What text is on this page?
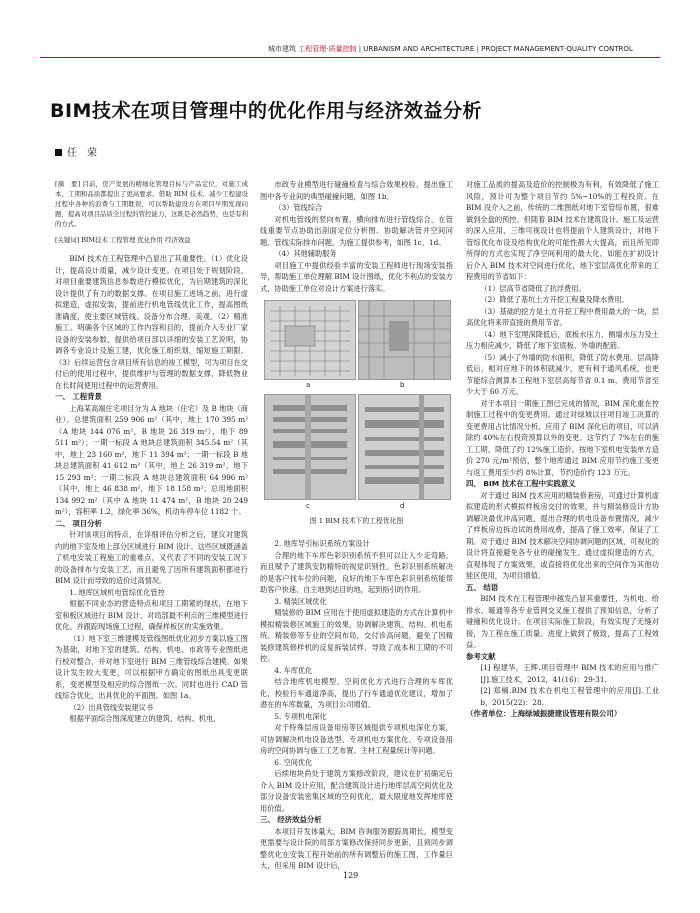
城市建筑 工程管理·质量控制 | URBANISM AND ARCHITECTURE | PROJECT MANAGEMENT·QUALITY CONTROL
BIM技术在项目管理中的优化作用与经济效益分析
任　荣

[摘　要] 目前，房产发展的精细化管理目标与产品定位，对施工成本、工期和品质都提出了更高要求。借助 BIM 技术，减少工程建设过程中各种的浪费与工期耽误，可以帮助建设方在项目早期发现问题，提高对项目品质全过程的管控能力，这既是必然趋势，也是有利的方式。

[关键词] BIM技术 工程管理 优化作用 经济效益

BIM 技术在工程管理中凸显出了其重要性。（1）优化设计，提高设计质量，减少设计变更。在项目处于规划阶段，对项目重要建筑信息参数进行模拟优化，为后期建筑的深化设计提供了有力的数据支撑。在项目施工进场之前，进行虚拟建造，虚拟安装，提前进行机电管线优化工作，提高图纸准确度，使主要区域管线、设备分布合理、美观。（2）精准施工。明确各个区域的工作内容和目的，提前介入专业厂家设备的安装参数，提供给项目部以详细的安装工艺说明，协调各专业设计及施工建，优化施工组织划，缩短施工期限。（3）后续运营包含项目所有信息的竣工模型，可为项目在交付后的使用过程中，提供维护与管理的数据支撑，降低物业在长时间使用过程中的运营费用。

一、 工程背景

上海某高端住宅项目分为 A 地块（住宅）及 B 地块（商业）。总建筑面积 259 906 m²（其中，地上 170 395 m²（A 地块 144 076 m²，B 地块 26 319 m²），地下 89 511 m²）；一期一标段 A 地块总建筑面积 345.54 m²（其中，地上 23 160 m²，地下 11 394 m²；一期一标段 B 地块总建筑面积 41 612 m²（其中，地上 26 319 m²，地下 15 293 m²；一期二标段 A 地块总建筑面积 64 996 m²（其中，地上 46 838 m²，地下 18 158 m²；总用地面积 134 992 m²（其中 A 地块 11 474 m²，B 地块 20 249 m²），容积率 1.2，绿化率 36%，机动车停车位 1182 个。

二、 项目分析

针对该项目的特点，在详细评估分析之后，建议对建筑内的地下室及地上部分区域进行 BIM 设计。这些区域既涵盖了机电安装工程施工的重难点，又代表了不同的安装工况下的设备排布与安装工艺，而且避免了因所有建筑面积都进行 BIM 设计而导致的造价过高情况。

1. 地库区域机电管综优化管控

根据不同业态的营造特点和项目工期紧的现状，在地下室和板区域进行 BIM 设计，对局部最不利点的三维模型进行优化。并跟踪现场施工过程，确保样板区的实施效果。

（1）地下室三维建模及管线图纸优化初步方案以施工图为基础，对地下室的建筑、结构、机电、市政等专业图纸进行校对整合，并对地下室进行 BIM 三维管线综合建模。如果设计发生较大变更，可以根据甲方确定的图纸出具变更联系，变更模型及相应的综合图纸一次。同时也进行 CAD 管线综合优化，出具优化的平面图。如图 1a。

（2）出具管线安装建议书

根据平面综合图深度建立的建筑、结构、机电、

市政专业模型进行碰撞检查与综合效果校验，提出施工图中各专业间的典型碰撞问题，如图 1b。

（3）管线综合

对机电管线的竖向布置、横向排布进行管线综合，在管线重要节点协助出剖面定位分析图。协助解决管井空间问题、管线实际排布问题，为施工提供参考，如图 1c、1d。

（4）其他辅助服务

项目施工中提供经验丰富的安装工程师进行现场安装指导，帮助施工单位理解 BIM 设计图纸，优化不利点的安装方式，协助施工单位对设计方案进行落实。

a	b
c	d
图 1 BIM 技术下的工程优化图

2. 地库导引标识系统方案设计

合理的地下车库色彩识别系统不但可以让人少走弯路，而且赋予了建筑安防精特的视觉识别性。色彩识别系统解决的是客户找车位的问题，良好的地下车库色彩识别系统能帮助客户快速、自主地到达目的地，起到指引的作用。

3. 精装区域优化

精装修的 BIM 应用在于使用虚拟建造的方式在计算机中模拟精装修区域施工的效果，协调解决建筑、结构、机电系统、精装修等专业的空间布局，交付诊高问题，避免了因精装修建筑修样机的反复拆装试样，导致了成本和工期的不可控。

4. 车库优化

结合地库机电模型，空间优化方式进行合理的车库优化，校验行车通道净高，提出了行车通道优化建议，增加了潜在的车库数量，为项目公司增值。

5. 专项机电深化

对于特殊层房设备用房等区域提供专项机电深化方案，可协调解决机电设备选型、专项机电方案优化、专项设备用房的空间协调与施工工艺布置、主材工程量统计等问题。

6. 空间优化

后续地块尚处于建筑方案修改阶段，建议在扩初确定后介入 BIM 设计应用，配合建筑设计进行地库层高空间优化及部分设备安装密集区域的空间优化，最大限度地发挥地库使用价值。

三、 经济效益分析

本项目开发体量大，BIM 咨询服务跟踪周期长，模型变更需要与设计院的局部方案修改保持同步更新，且须同步调整优化在安装工程开始前的所有调整后的施工图，工作量巨大，但采用 BIM 设计后，

对施工品质的提高及造价的控制极为有利，有效降低了施工风险，预计可为整个项目节约 5%~10%的工程投资。在 BIM 没介入之前，传统的二维图纸对地下室管综布置，很难做到全盘的预控。但随着 BIM 技术在建筑设计、施工及运营的深入应用，三维可视设计也将提前个人建筑设计，对地下管综优化布设及结构优化的可能性都大大提高，而且所见即所得的方式也实现了净空间利用的最大化。如能在扩初设计后介入 BIM 技术对空间进行优化，地下室层高优化带来的工程费用的节省如下：

（1）层高节省降低了抗浮费用。

（2）降低了基坑土方开挖工程量及降水费用。

（3）基础的挖方是土方开挖工程中费用最大的一块，层高优化将来带直接的费用节省。

（4）地下室埋深降低后，底板水压力、侧墙水压力及土压力相应减少，降低了地下室底板、外墙的配筋。

（5）减小了外墙的防水面积，降低了防水费用。层高降低后，相对应地下的体积就减少，更有利于通风系统，也更节能综合测算本工程地下室层高每节省 0.1 m，费用节省至少大于 60 万元。

对于本项目一期施工图已完成的情况，BIM 深化重在控制施工过程中的变更费用。通过对绿城以往项目竣工决算的变更费用占比情况分析，应用了 BIM 深化后的项目，可以消除约 40%左右投资预算以外的变更。这节约了 7%左右的施工工期，降低了约 12%施工造价。按地下室机电安装单方造价 270 元/m²预估，整个地库通过 BIM 应用节约施工变更与返工费用至少约 8%计算，节约造价约 123 万元。

四、 BIM 技术在工程中实践意义

对于通过 BIM 技术应用的精装修套房，可通过计算机虚拟建造的形式模拟样板房交付的效果，并与精装修设计方协调解决最优冲高问题，提出合理的机电设备布置情况，减少了样板房边拆边试的费用成费，提高了施工效率，保证了工期。对于通过 BIM 技术解决空间协调问题的区域，可视化的设计将直接避免各专业的碰撞发生。通过虚拟建造的方式，直观体现了方案效果，或直接将优化出来的空间作为其他功能区使用，为项目增值。

五、 结语

BIM 技术在工程管理中越发凸显其重要性，为机电、给排水、暖通等各专业管网交叉施工提供了预知信息，分析了碰撞和优化设计。在项目实际施工阶段，有效实现了无缝对接，为工程在施工质量、进度上做到了极致，提高了工程效益。

参考文献

[1] 程建华，王辉.项目管理中 BIM 技术的应用与推广[J].施工技术，2012，41(16)：29-31.

[2] 郑楠.BIM 技术在机电工程管理中的应用[J].工业 b，2015(22)：28.

（作者单位：上海绿城振捷建设管理有限公司）

129
